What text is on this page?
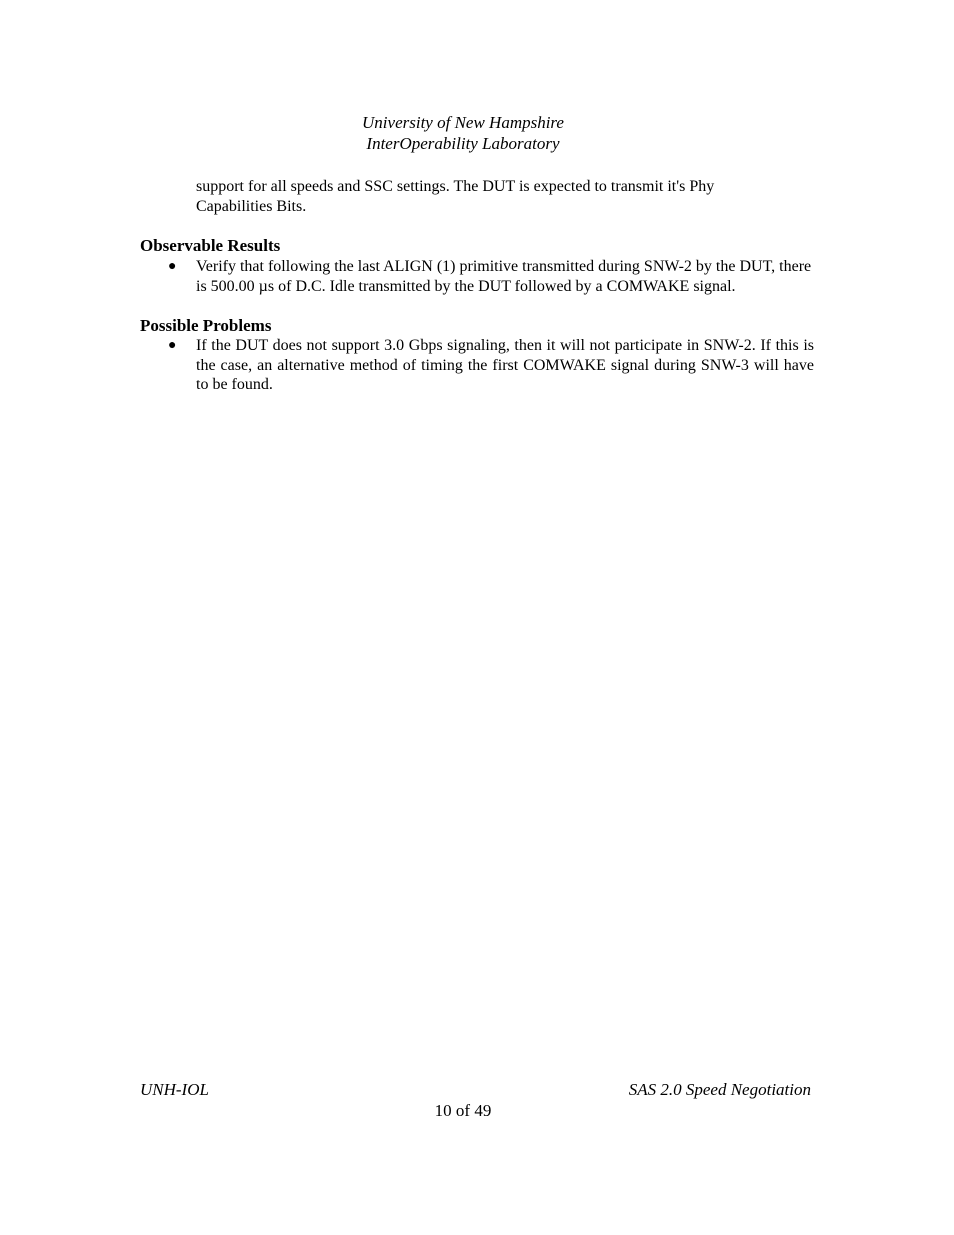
University of New Hampshire
InterOperability Laboratory
support for all speeds and SSC settings. The DUT is expected to transmit it's Phy Capabilities Bits.
Observable Results
● Verify that following the last ALIGN (1) primitive transmitted during SNW-2 by the DUT, there is 500.00 µs of D.C. Idle transmitted by the DUT followed by a COMWAKE signal.
Possible Problems
● If the DUT does not support 3.0 Gbps signaling, then it will not participate in SNW-2. If this is the case, an alternative method of timing the first COMWAKE signal during SNW-3 will have to be found.
UNH-IOL	SAS 2.0 Speed Negotiation
10 of 49
